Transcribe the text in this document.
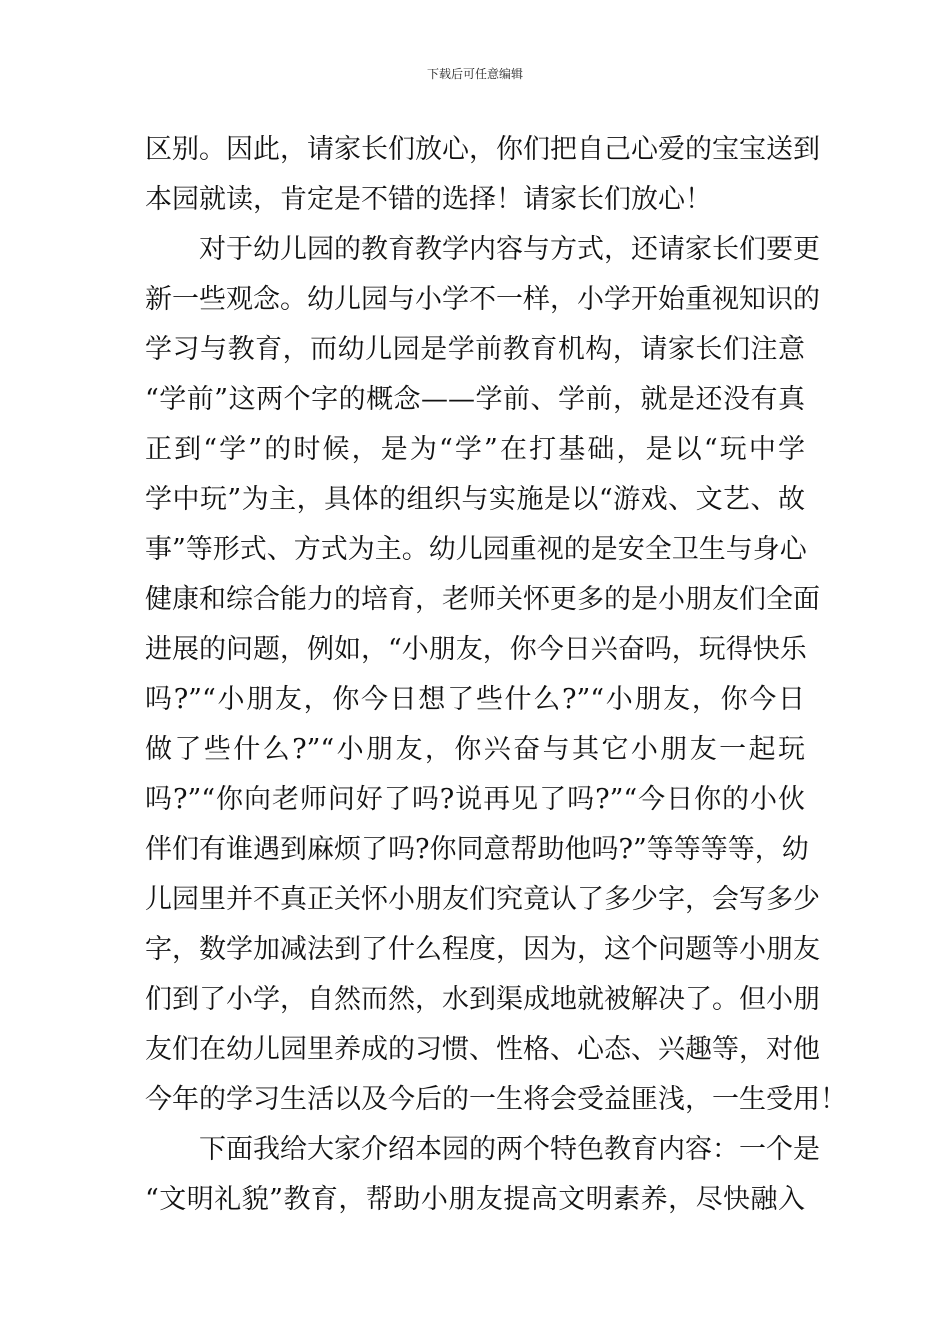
下载后可任意编辑
区别。因此，请家长们放心，你们把自己心爱的宝宝送到
本园就读，肯定是不错的选择！请家长们放心！
　　对于幼儿园的教育教学内容与方式，还请家长们要更
新一些观念。幼儿园与小学不一样，小学开始重视知识的
学习与教育，而幼儿园是学前教育机构，请家长们注意
“学前”这两个字的概念——学前、学前，就是还没有真
正到“学”的时候，是为“学”在打基础，是以“玩中学
学中玩”为主，具体的组织与实施是以“游戏、文艺、故
事”等形式、方式为主。幼儿园重视的是安全卫生与身心
健康和综合能力的培育，老师关怀更多的是小朋友们全面
进展的问题，例如，“小朋友，你今日兴奋吗，玩得快乐
吗?”“小朋友，你今日想了些什么?”“小朋友，你今日
做了些什么?”“小朋友，你兴奋与其它小朋友一起玩
吗?”“你向老师问好了吗?说再见了吗?”“今日你的小伙
伴们有谁遇到麻烦了吗?你同意帮助他吗?”等等等等，幼
儿园里并不真正关怀小朋友们究竟认了多少字，会写多少
字，数学加减法到了什么程度，因为，这个问题等小朋友
们到了小学，自然而然，水到渠成地就被解决了。但小朋
友们在幼儿园里养成的习惯、性格、心态、兴趣等，对他
今年的学习生活以及今后的一生将会受益匪浅，一生受用！
　　下面我给大家介绍本园的两个特色教育内容：一个是
“文明礼貌”教育，帮助小朋友提高文明素养，尽快融入
